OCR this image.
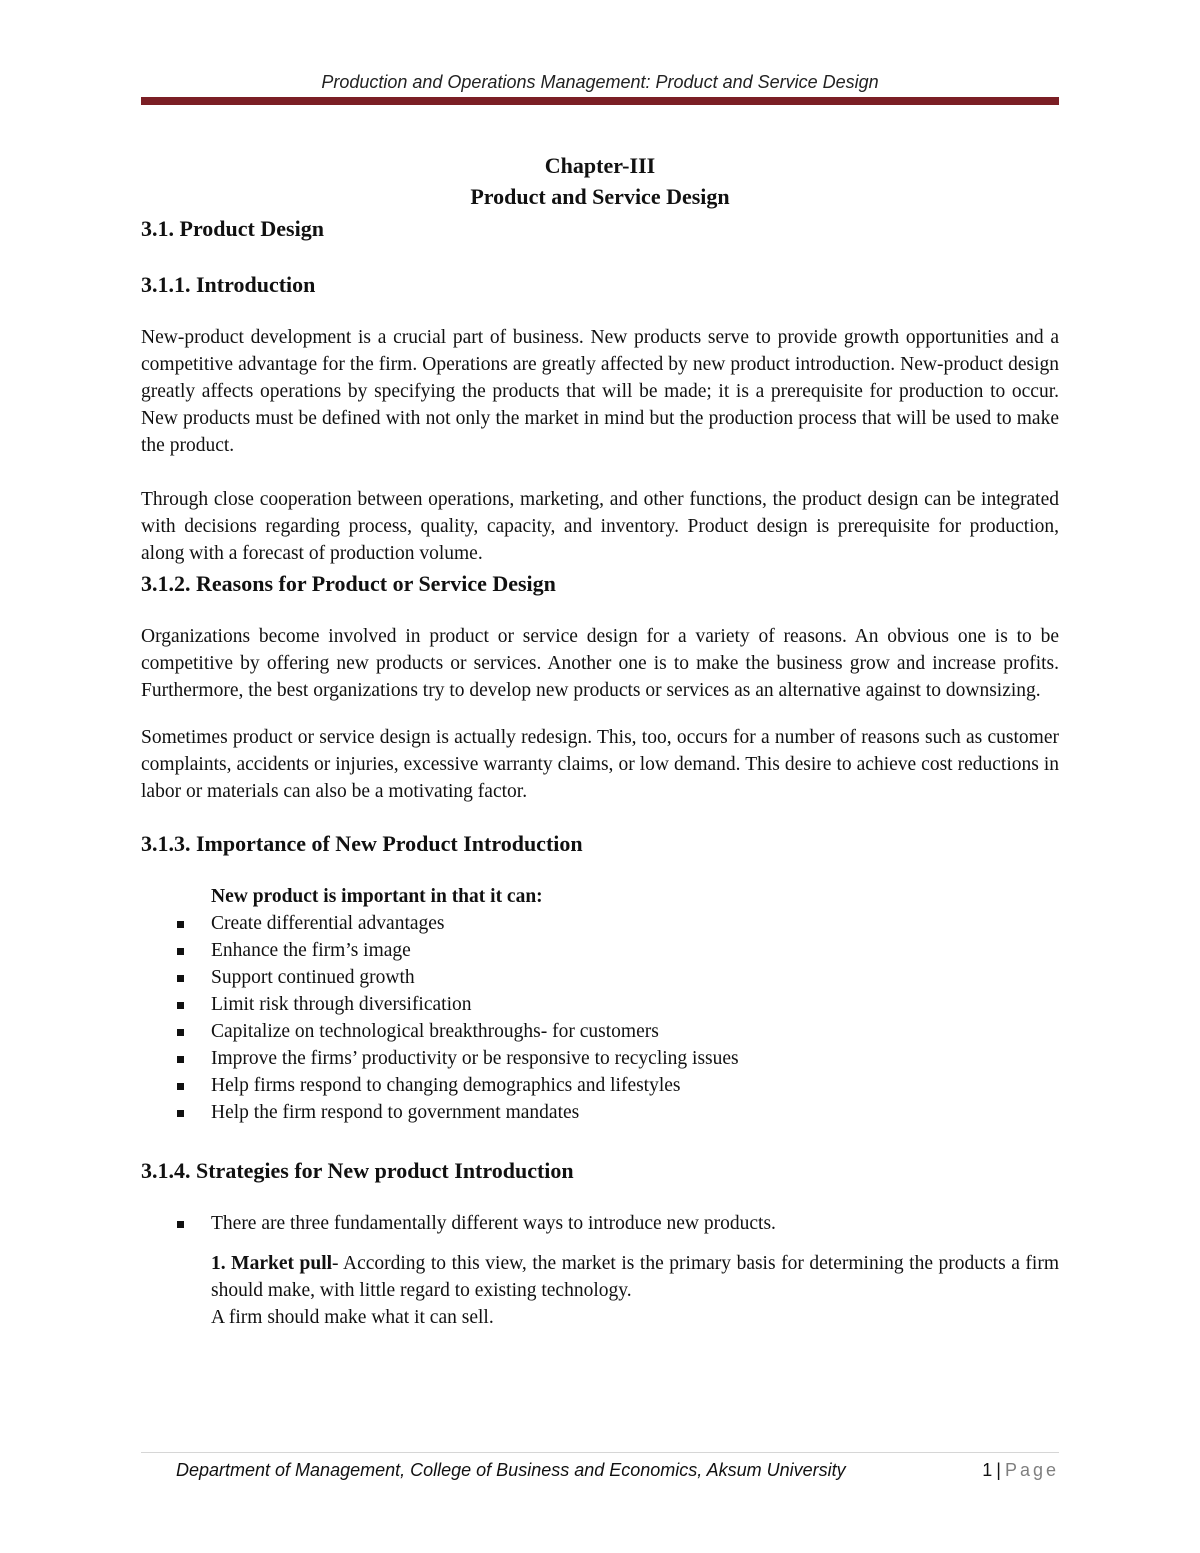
Production and Operations Management: Product and Service Design
Chapter-III
Product and Service Design
3.1. Product Design
3.1.1. Introduction

New-product development is a crucial part of business. New products serve to provide growth opportunities and a competitive advantage for the firm. Operations are greatly affected by new product introduction. New-product design greatly affects operations by specifying the products that will be made; it is a prerequisite for production to occur. New products must be defined with not only the market in mind but the production process that will be used to make the product.

Through close cooperation between operations, marketing, and other functions, the product design can be integrated with decisions regarding process, quality, capacity, and inventory. Product design is prerequisite for production, along with a forecast of production volume.

3.1.2. Reasons for Product or Service Design

Organizations become involved in product or service design for a variety of reasons. An obvious one is to be competitive by offering new products or services. Another one is to make the business grow and increase profits. Furthermore, the best organizations try to develop new products or services as an alternative against to downsizing.

Sometimes product or service design is actually redesign. This, too, occurs for a number of reasons such as customer complaints, accidents or injuries, excessive warranty claims, or low demand. This desire to achieve cost reductions in labor or materials can also be a motivating factor.

3.1.3. Importance of New Product Introduction
New product is important in that it can:
Create differential advantages
Enhance the firm’s image
Support continued growth
Limit risk through diversification
Capitalize on technological breakthroughs- for customers
Improve the firms’ productivity or be responsive to recycling issues
Help firms respond to changing demographics and lifestyles
Help the firm respond to government mandates
3.1.4. Strategies for New product Introduction
There are three fundamentally different ways to introduce new products.
1. Market pull- According to this view, the market is the primary basis for determining the products a firm should make, with little regard to existing technology.
A firm should make what it can sell.
Department of Management, College of Business and Economics, Aksum University	1 | Page
